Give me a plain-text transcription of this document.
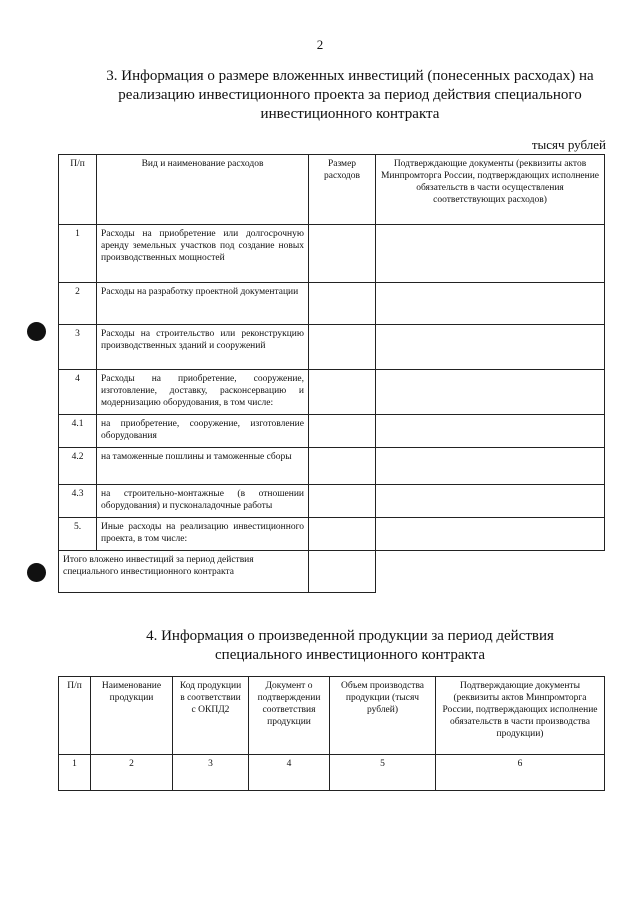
2
3. Информация о размере вложенных инвестиций (понесенных расходах) на
реализацию инвестиционного проекта за период действия специального
инвестиционного контракта
тысяч рублей
П/п	Вид и наименование расходов	Размер расходов	Подтверждающие документы (реквизиты актов Минпромторга России, подтверждающих исполнение обязательств в части осуществления соответствующих расходов)
1	Расходы на приобретение или долгосрочную аренду земельных участков под создание новых производственных мощностей		
2	Расходы на разработку проектной документации		
3	Расходы на строительство или реконструкцию производственных зданий и сооружений		
4	Расходы на приобретение, сооружение, изготовление, доставку, расконсервацию и модернизацию оборудования, в том числе:		
4.1	на приобретение, сооружение, изготовление оборудования		
4.2	на таможенные пошлины и таможенные сборы		
4.3	на строительно-монтажные (в отношении оборудования) и пусконаладочные работы		
5.	Иные расходы на реализацию инвестиционного проекта, в том числе:		
Итого вложено инвестиций за период действия специального инвестиционного контракта			
4. Информация о произведенной продукции за период действия
специального инвестиционного контракта
П/п	Наименование продукции	Код продукции в соответствии с ОКПД2	Документ о подтверждении соответствия продукции	Объем производства продукции (тысяч рублей)	Подтверждающие документы (реквизиты актов Минпромторга России, подтверждающих исполнение обязательств в части производства продукции)
1	2	3	4	5	6
